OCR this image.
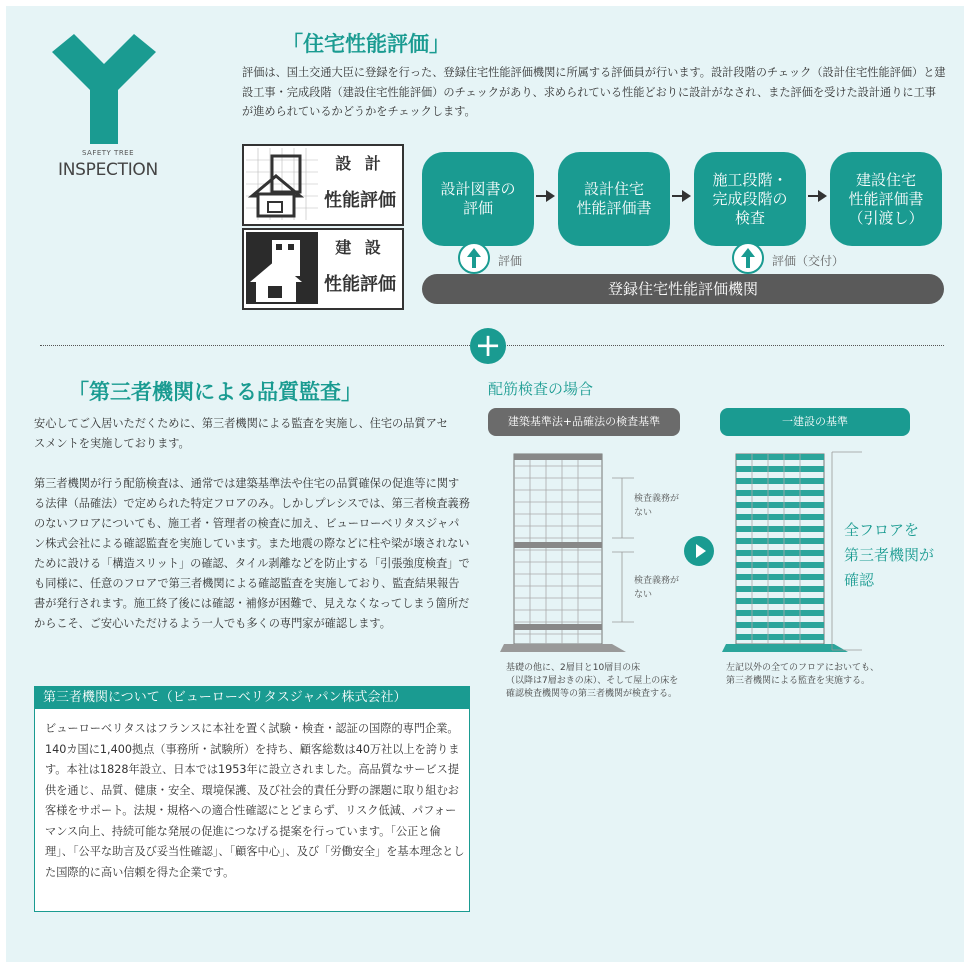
SAFETY TREE
INSPECTION
「住宅性能評価」
評価は、国土交通大臣に登録を行った、登録住宅性能評価機関に所属する評価員が行います。設計段階のチェック（設計住宅性能評価）と建設工事・完成段階（建設住宅性能評価）のチェックがあり、求められている性能どおりに設計がなされ、また評価を受けた設計通りに工事が進められているかどうかをチェックします。
設 計
性能評価
建 設
性能評価
設計図書の
評価
設計住宅
性能評価書
施工段階・
完成段階の
検査
建設住宅
性能評価書
（引渡し）
評価	評価（交付）
登録住宅性能評価機関
+
「第三者機関による品質監査」
安心してご入居いただくために、第三者機関による監査を実施し、住宅の品質アセスメントを実施しております。
第三者機関が行う配筋検査は、通常では建築基準法や住宅の品質確保の促進等に関する法律（品確法）で定められた特定フロアのみ。しかしプレシスでは、第三者検査義務のないフロアについても、施工者・管理者の検査に加え、ビューローベリタスジャパン株式会社による確認監査を実施しています。また地震の際などに柱や梁が壊されないために設ける「構造スリット」の確認、タイル剥離などを防止する「引張強度検査」でも同様に、任意のフロアで第三者機関による確認監査を実施しており、監査結果報告書が発行されます。施工終了後には確認・補修が困難で、見えなくなってしまう箇所だからこそ、ご安心いただけるよう一人でも多くの専門家が確認します。
第三者機関について（ビューローベリタスジャパン株式会社）
ビューローベリタスはフランスに本社を置く試験・検査・認証の国際的専門企業。140カ国に1,400拠点（事務所・試験所）を持ち、顧客総数は40万社以上を誇ります。本社は1828年設立、日本では1953年に設立されました。高品質なサービス提供を通じ、品質、健康・安全、環境保護、及び社会的責任分野の課題に取り組むお客様をサポート。法規・規格への適合性確認にとどまらず、リスク低減、パフォーマンス向上、持続可能な発展の促進につなげる提案を行っています。「公正と倫理」、「公平な助言及び妥当性確認」、「顧客中心」、及び「労働安全」を基本理念とした国際的に高い信頼を得た企業です。
配筋検査の場合
建築基準法+品確法の検査基準	一建設の基準
検査義務が
ない
検査義務が
ない
全フロアを
第三者機関が
確認
基礎の他に、2層目と10層目の床
（以降は7層おきの床）、そして屋上の床を
確認検査機関等の第三者機関が検査する。
左記以外の全てのフロアにおいても、
第三者機関による監査を実施する。
